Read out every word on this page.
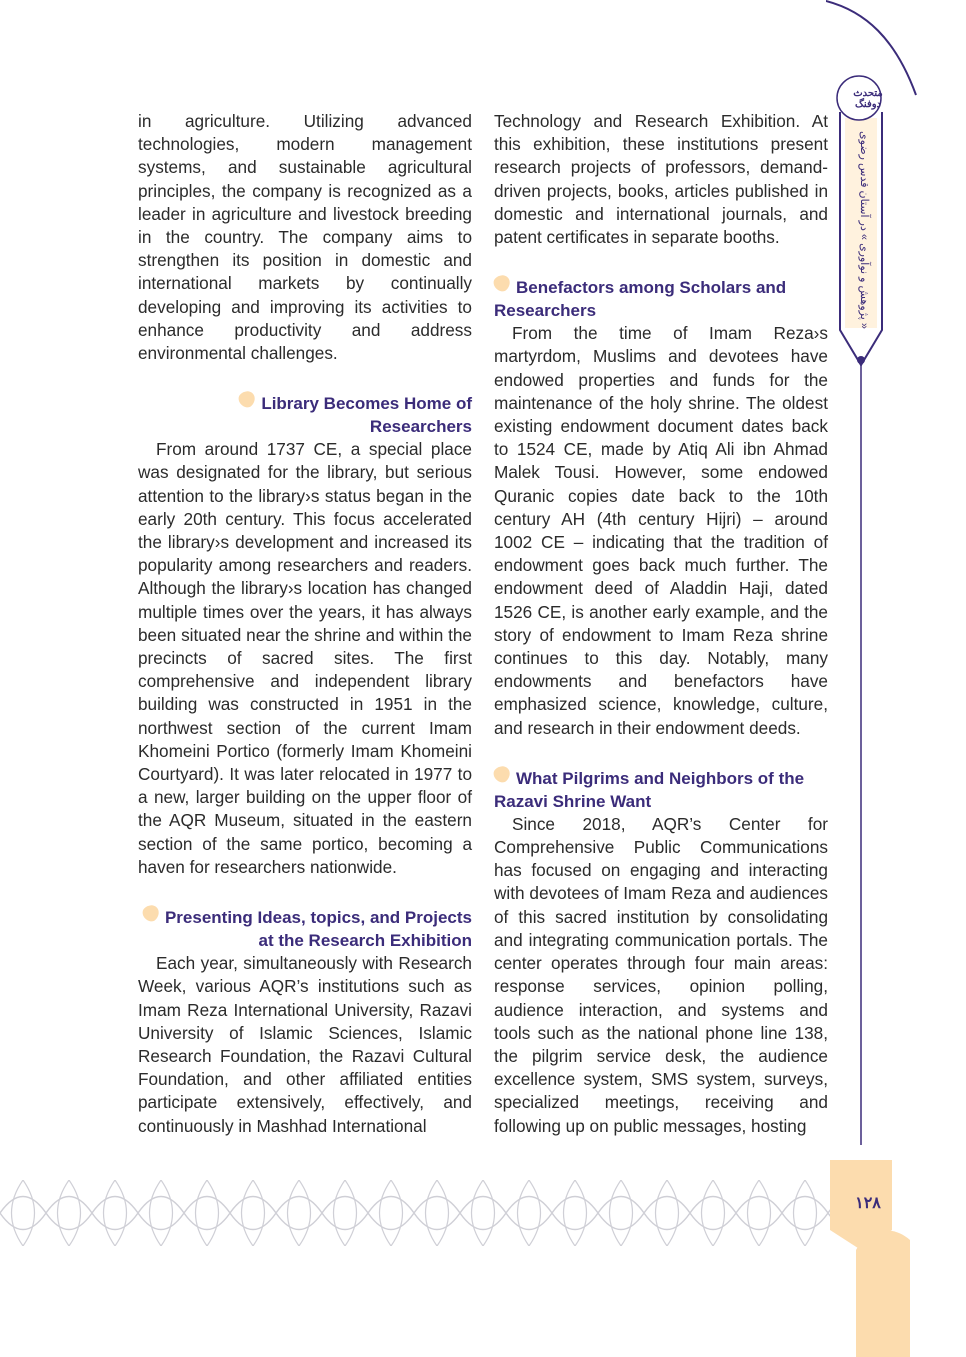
متحدث دوفنگ
« پژوهش و نوآوری » در آستان قدس رضوی
۱۲۸

in agriculture. Utilizing advanced technologies, modern management systems, and sustainable agricultural principles, the company is recognized as a leader in agriculture and livestock breeding in the country. The company aims to strengthen its position in domestic and international markets by continually developing and improving its activities to enhance productivity and address environmental challenges.

Library Becomes Home of Researchers

From around 1737 CE, a special place was designated for the library, but serious attention to the library›s status began in the early 20th century. This focus accelerated the library›s development and increased its popularity among researchers and readers. Although the library›s location has changed multiple times over the years, it has always been situated near the shrine and within the precincts of sacred sites. The first comprehensive and independent library building was constructed in 1951 in the northwest section of the current Imam Khomeini Portico (formerly Imam Khomeini Courtyard). It was later relocated in 1977 to a new, larger building on the upper floor of the AQR Museum, situated in the eastern section of the same portico, becoming a haven for researchers nationwide.

Presenting Ideas, topics, and Projects at the Research Exhibition

Each year, simultaneously with Research Week, various AQR’s institutions such as Imam Reza International University, Razavi University of Islamic Sciences, Islamic Research Foundation, the Razavi Cultural Foundation, and other affiliated entities participate extensively, effectively, and continuously in Mashhad International

Technology and Research Exhibition. At this exhibition, these institutions present research projects of professors, demand-driven projects, books, articles published in domestic and international journals, and patent certificates in separate booths.

Benefactors among Scholars and Researchers

From the time of Imam Reza›s martyrdom, Muslims and devotees have endowed properties and funds for the maintenance of the holy shrine. The oldest existing endowment document dates back to 1524 CE, made by Atiq Ali ibn Ahmad Malek Tousi. However, some endowed Quranic copies date back to the 10th century AH (4th century Hijri) – around 1002 CE – indicating that the tradition of endowment goes back much further. The endowment deed of Aladdin Haji, dated 1526 CE, is another early example, and the story of endowment to Imam Reza shrine continues to this day. Notably, many endowments and benefactors have emphasized science, knowledge, culture, and research in their endowment deeds.

What Pilgrims and Neighbors of the Razavi Shrine Want

Since 2018, AQR’s Center for Comprehensive Public Communications has focused on engaging and interacting with devotees of Imam Reza and audiences of this sacred institution by consolidating and integrating communication portals. The center operates through four main areas: response services, opinion polling, audience interaction, and systems and tools such as the national phone line 138, the pilgrim service desk, the audience excellence system, SMS system, surveys, specialized meetings, receiving and following up on public messages, hosting
